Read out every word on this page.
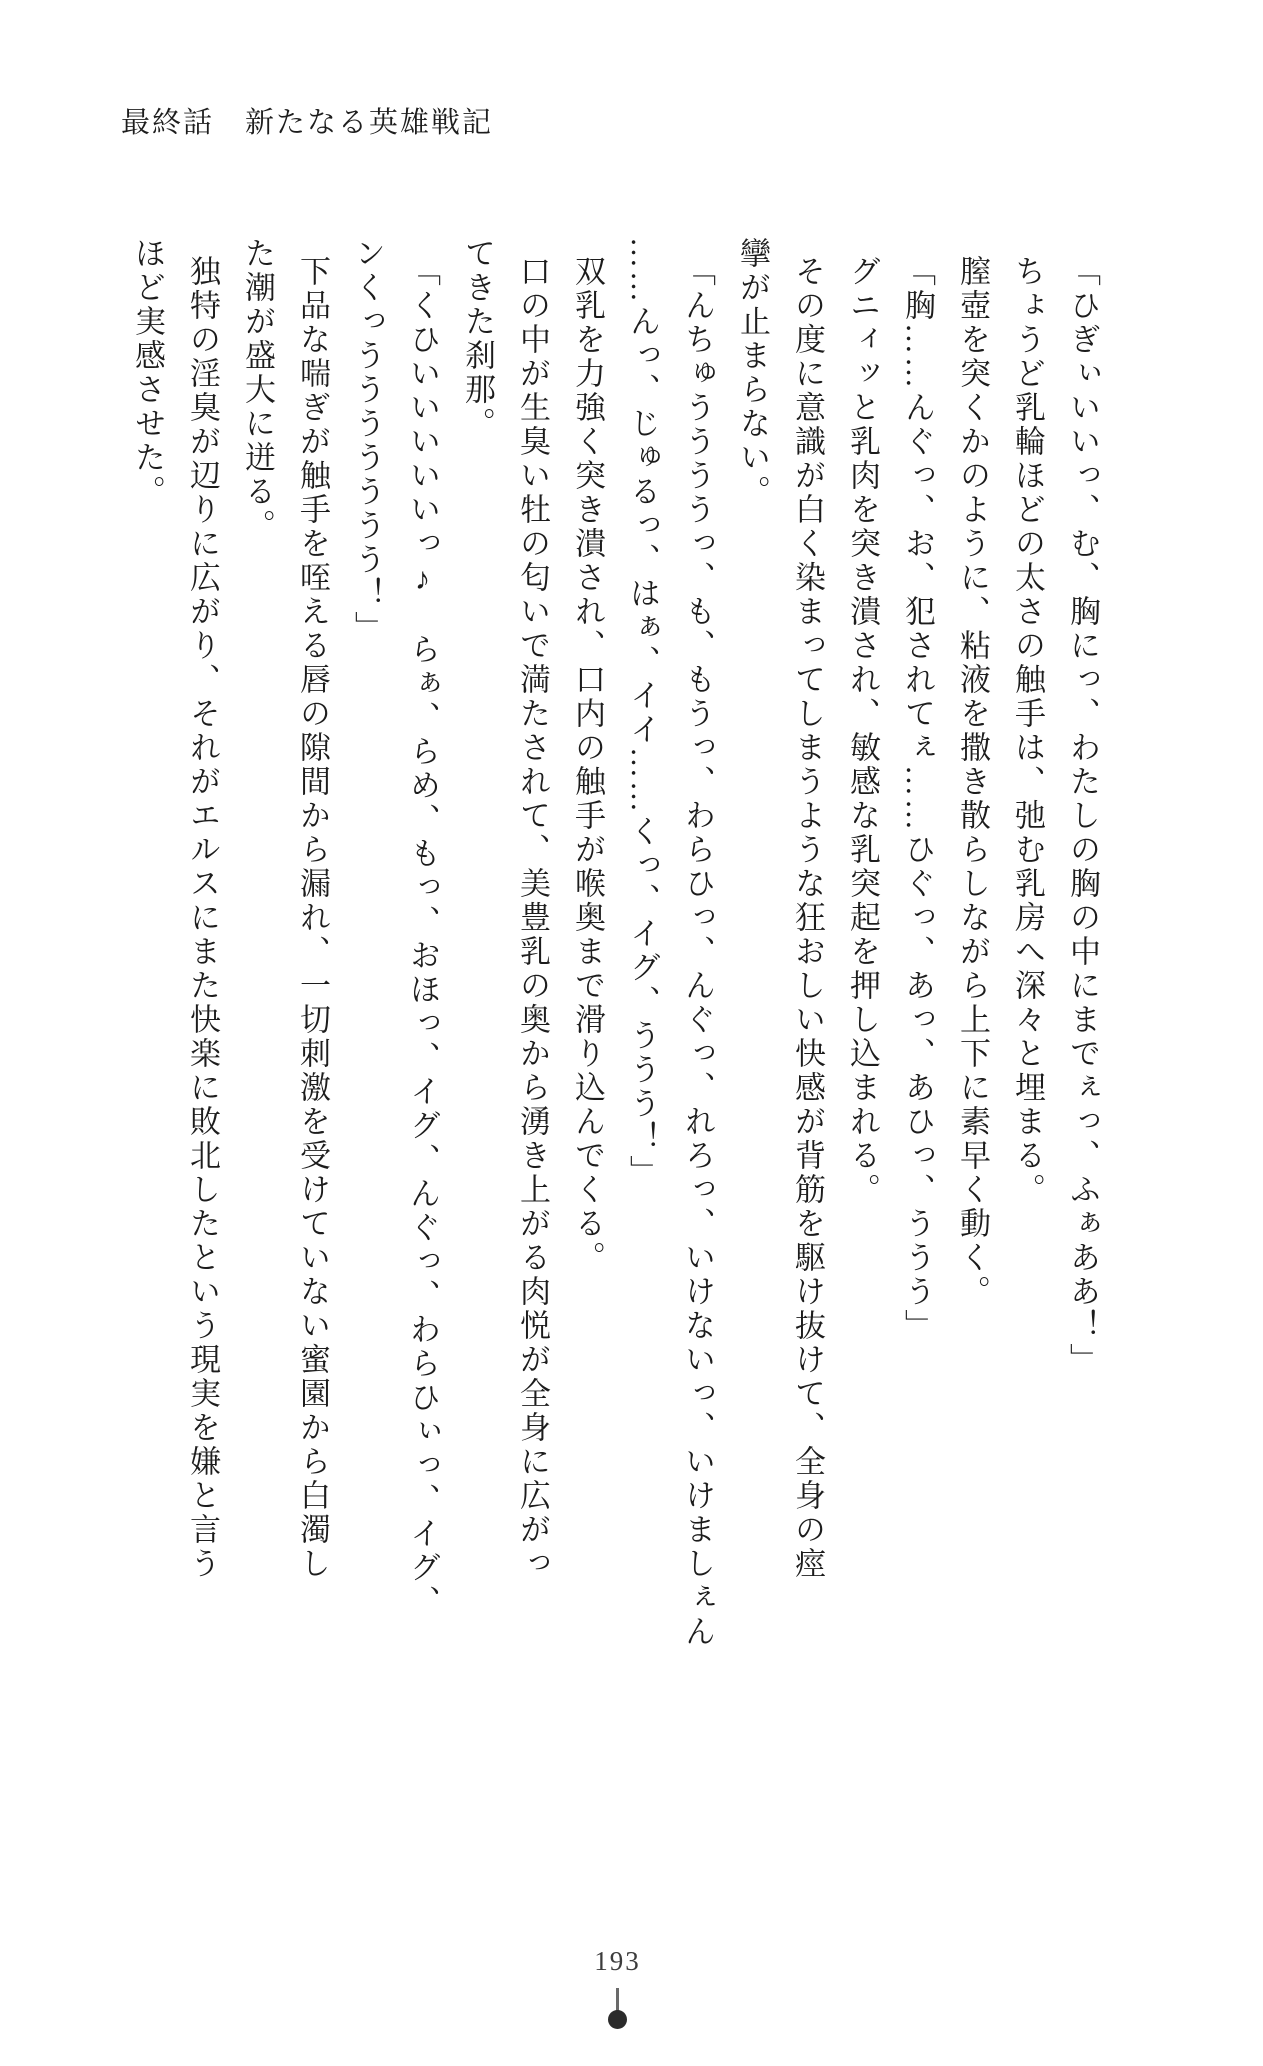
最終話　新たなる英雄戦記

「ひぎぃいいっ、む、胸にっ、わたしの胸の中にまでぇっ、ふぁああ！」

ちょうど乳輪ほどの太さの触手は、弛む乳房へ深々と埋まる。

膣壺を突くかのように、粘液を撒き散らしながら上下に素早く動く。

「胸……んぐっ、お、犯されてぇ……ひぐっ、あっ、あひっ、ううう」

グニィッと乳肉を突き潰され、敏感な乳突起を押し込まれる。

その度に意識が白く染まってしまうような狂おしい快感が背筋を駆け抜けて、全身の痙

攣が止まらない。

「んちゅううううっ、も、もうっ、わらひっ、んぐっ、れろっ、いけないっ、いけましぇん

……んっ、じゅるっ、はぁ、イイ……くっ、イグ、ううう！」

双乳を力強く突き潰され、口内の触手が喉奥まで滑り込んでくる。

口の中が生臭い牡の匂いで満たされて、美豊乳の奥から湧き上がる肉悦が全身に広がっ

てきた刹那。

「くひいいいいいっ♪　らぁ、らめ、もっ、おほっ、イグ、んぐっ、わらひぃっ、イグ、

ンくっううううううう！」

下品な喘ぎが触手を咥える唇の隙間から漏れ、一切刺激を受けていない蜜園から白濁し

た潮が盛大に迸る。

独特の淫臭が辺りに広がり、それがエルスにまた快楽に敗北したという現実を嫌と言う

ほど実感させた。

193
